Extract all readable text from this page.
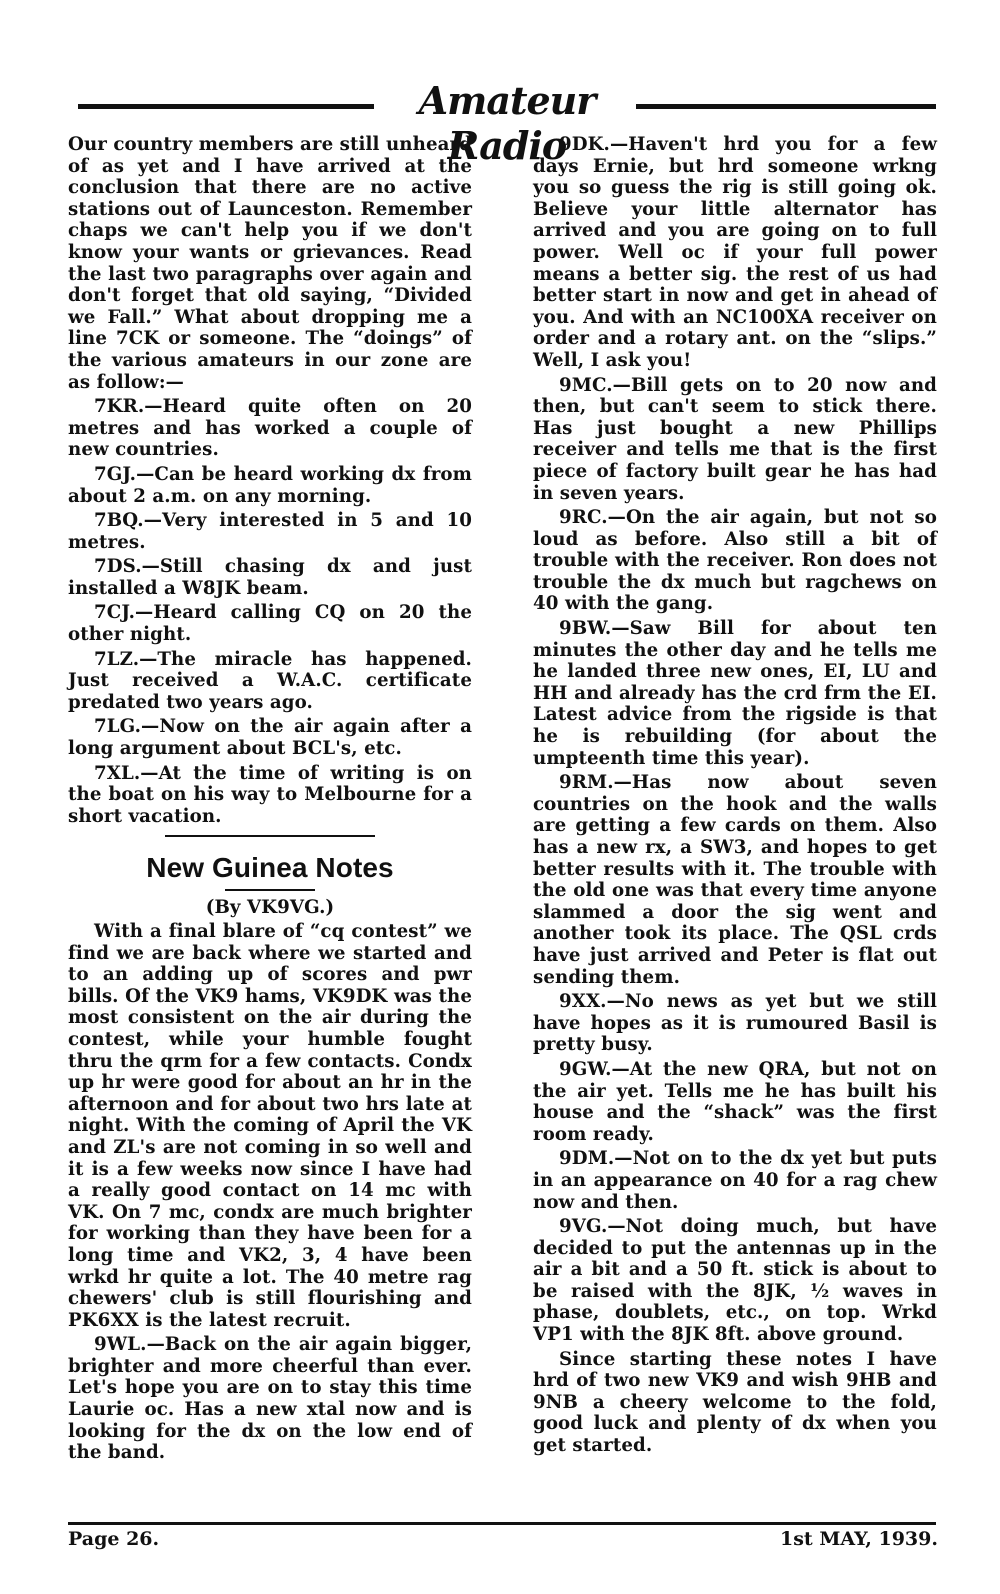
Amateur Radio

Our country members are still unheard of as yet and I have arrived at the conclusion that there are no active stations out of Launceston. Remember chaps we can't help you if we don't know your wants or grievances. Read the last two paragraphs over again and don't forget that old saying, “Divided we Fall.” What about dropping me a line 7CK or someone. The “doings” of the various amateurs in our zone are as follow:—

7KR.—Heard quite often on 20 metres and has worked a couple of new countries.

7GJ.—Can be heard working dx from about 2 a.m. on any morning.

7BQ.—Very interested in 5 and 10 metres.

7DS.—Still chasing dx and just installed a W8JK beam.

7CJ.—Heard calling CQ on 20 the other night.

7LZ.—The miracle has happened. Just received a W.A.C. certificate predated two years ago.

7LG.—Now on the air again after a long argument about BCL's, etc.

7XL.—At the time of writing is on the boat on his way to Melbourne for a short vacation.

New Guinea Notes
(By VK9VG.)

With a final blare of “cq contest” we find we are back where we started and to an adding up of scores and pwr bills. Of the VK9 hams, VK9DK was the most consistent on the air during the contest, while your humble fought thru the qrm for a few contacts. Condx up hr were good for about an hr in the afternoon and for about two hrs late at night. With the coming of April the VK and ZL's are not coming in so well and it is a few weeks now since I have had a really good contact on 14 mc with VK. On 7 mc, condx are much brighter for working than they have been for a long time and VK2, 3, 4 have been wrkd hr quite a lot. The 40 metre rag chewers' club is still flourishing and PK6XX is the latest recruit.

9WL.—Back on the air again bigger, brighter and more cheerful than ever. Let's hope you are on to stay this time Laurie oc. Has a new xtal now and is looking for the dx on the low end of the band.

9DK.—Haven't hrd you for a few days Ernie, but hrd someone wrkng you so guess the rig is still going ok. Believe your little alternator has arrived and you are going on to full power. Well oc if your full power means a better sig. the rest of us had better start in now and get in ahead of you. And with an NC100XA receiver on order and a rotary ant. on the “slips.” Well, I ask you!

9MC.—Bill gets on to 20 now and then, but can't seem to stick there. Has just bought a new Phillips receiver and tells me that is the first piece of factory built gear he has had in seven years.

9RC.—On the air again, but not so loud as before. Also still a bit of trouble with the receiver. Ron does not trouble the dx much but ragchews on 40 with the gang.

9BW.—Saw Bill for about ten minutes the other day and he tells me he landed three new ones, EI, LU and HH and already has the crd frm the EI. Latest advice from the rigside is that he is rebuilding (for about the umpteenth time this year).

9RM.—Has now about seven countries on the hook and the walls are getting a few cards on them. Also has a new rx, a SW3, and hopes to get better results with it. The trouble with the old one was that every time anyone slammed a door the sig went and another took its place. The QSL crds have just arrived and Peter is flat out sending them.

9XX.—No news as yet but we still have hopes as it is rumoured Basil is pretty busy.

9GW.—At the new QRA, but not on the air yet. Tells me he has built his house and the “shack” was the first room ready.

9DM.—Not on to the dx yet but puts in an appearance on 40 for a rag chew now and then.

9VG.—Not doing much, but have decided to put the antennas up in the air a bit and a 50 ft. stick is about to be raised with the 8JK, ½ waves in phase, doublets, etc., on top. Wrkd VP1 with the 8JK 8ft. above ground.

Since starting these notes I have hrd of two new VK9 and wish 9HB and 9NB a cheery welcome to the fold, good luck and plenty of dx when you get started.

Page 26.	1st MAY, 1939.
